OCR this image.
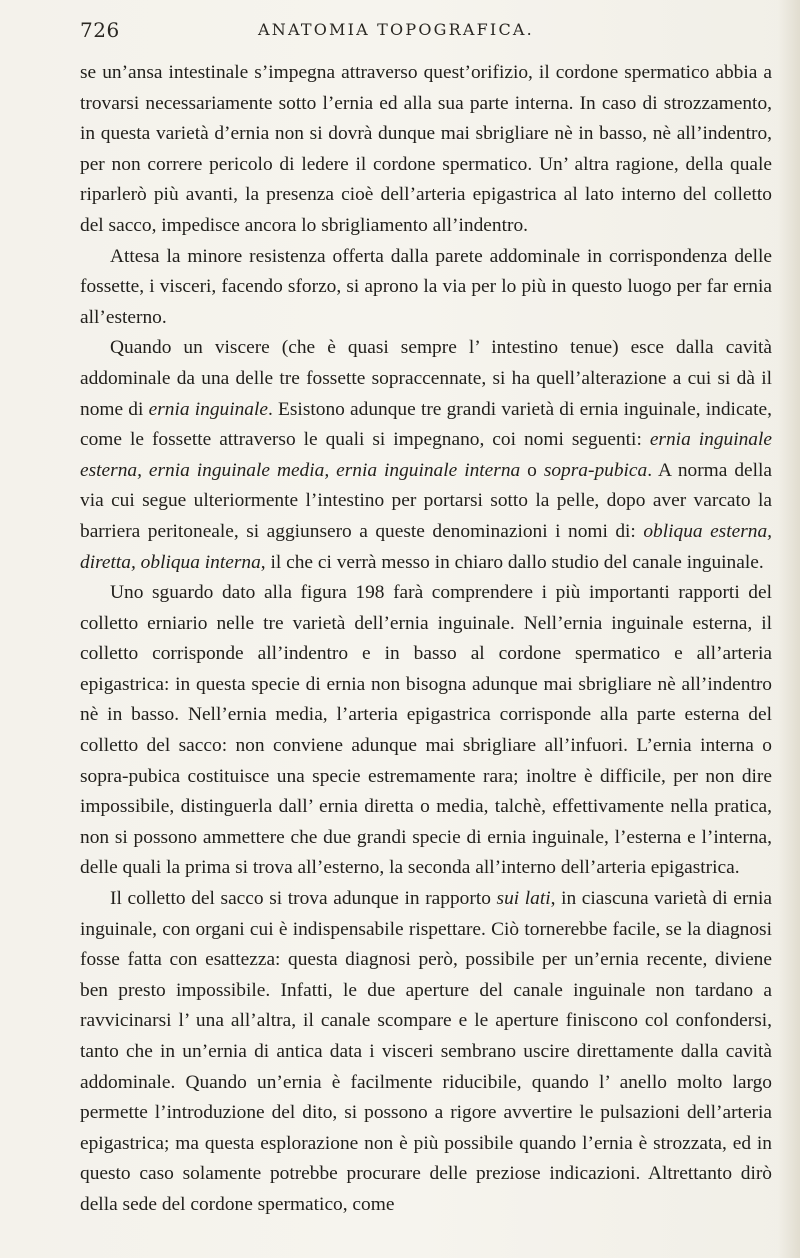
726	ANATOMIA TOPOGRAFICA.

se un’ansa intestinale s’impegna attraverso quest’orifizio, il cordone spermatico abbia a trovarsi necessariamente sotto l’ernia ed alla sua parte interna. In caso di strozzamento, in questa varietà d’ernia non si dovrà dunque mai sbrigliare nè in basso, nè all’indentro, per non correre pericolo di ledere il cordone spermatico. Un’ altra ragione, della quale riparlerò più avanti, la presenza cioè dell’arteria epigastrica al lato interno del colletto del sacco, impedisce ancora lo sbrigliamento all’indentro.

Attesa la minore resistenza offerta dalla parete addominale in corrispondenza delle fossette, i visceri, facendo sforzo, si aprono la via per lo più in questo luogo per far ernia all’esterno.

Quando un viscere (che è quasi sempre l’ intestino tenue) esce dalla cavità addominale da una delle tre fossette sopraccennate, si ha quell’alterazione a cui si dà il nome di ernia inguinale. Esistono adunque tre grandi varietà di ernia inguinale, indicate, come le fossette attraverso le quali si impegnano, coi nomi seguenti: ernia inguinale esterna, ernia inguinale media, ernia inguinale interna o sopra-pubica. A norma della via cui segue ulteriormente l’intestino per portarsi sotto la pelle, dopo aver varcato la barriera peritoneale, si aggiunsero a queste denominazioni i nomi di: obliqua esterna, diretta, obliqua interna, il che ci verrà messo in chiaro dallo studio del canale inguinale.

Uno sguardo dato alla figura 198 farà comprendere i più importanti rapporti del colletto erniario nelle tre varietà dell’ernia inguinale. Nell’ernia inguinale esterna, il colletto corrisponde all’indentro e in basso al cordone spermatico e all’arteria epigastrica: in questa specie di ernia non bisogna adunque mai sbrigliare nè all’indentro nè in basso. Nell’ernia media, l’arteria epigastrica corrisponde alla parte esterna del colletto del sacco: non conviene adunque mai sbrigliare all’infuori. L’ernia interna o sopra-pubica costituisce una specie estremamente rara; inoltre è difficile, per non dire impossibile, distinguerla dall’ ernia diretta o media, talchè, effettivamente nella pratica, non si possono ammettere che due grandi specie di ernia inguinale, l’esterna e l’interna, delle quali la prima si trova all’esterno, la seconda all’interno dell’arteria epigastrica.

Il colletto del sacco si trova adunque in rapporto sui lati, in ciascuna varietà di ernia inguinale, con organi cui è indispensabile rispettare. Ciò tornerebbe facile, se la diagnosi fosse fatta con esattezza: questa diagnosi però, possibile per un’ernia recente, diviene ben presto impossibile. Infatti, le due aperture del canale inguinale non tardano a ravvicinarsi l’ una all’altra, il canale scompare e le aperture finiscono col confondersi, tanto che in un’ernia di antica data i visceri sembrano uscire direttamente dalla cavità addominale. Quando un’ernia è facilmente riducibile, quando l’ anello molto largo permette l’introduzione del dito, si possono a rigore avvertire le pulsazioni dell’arteria epigastrica; ma questa esplorazione non è più possibile quando l’ernia è strozzata, ed in questo caso solamente potrebbe procurare delle preziose indicazioni. Altrettanto dirò della sede del cordone spermatico, come
